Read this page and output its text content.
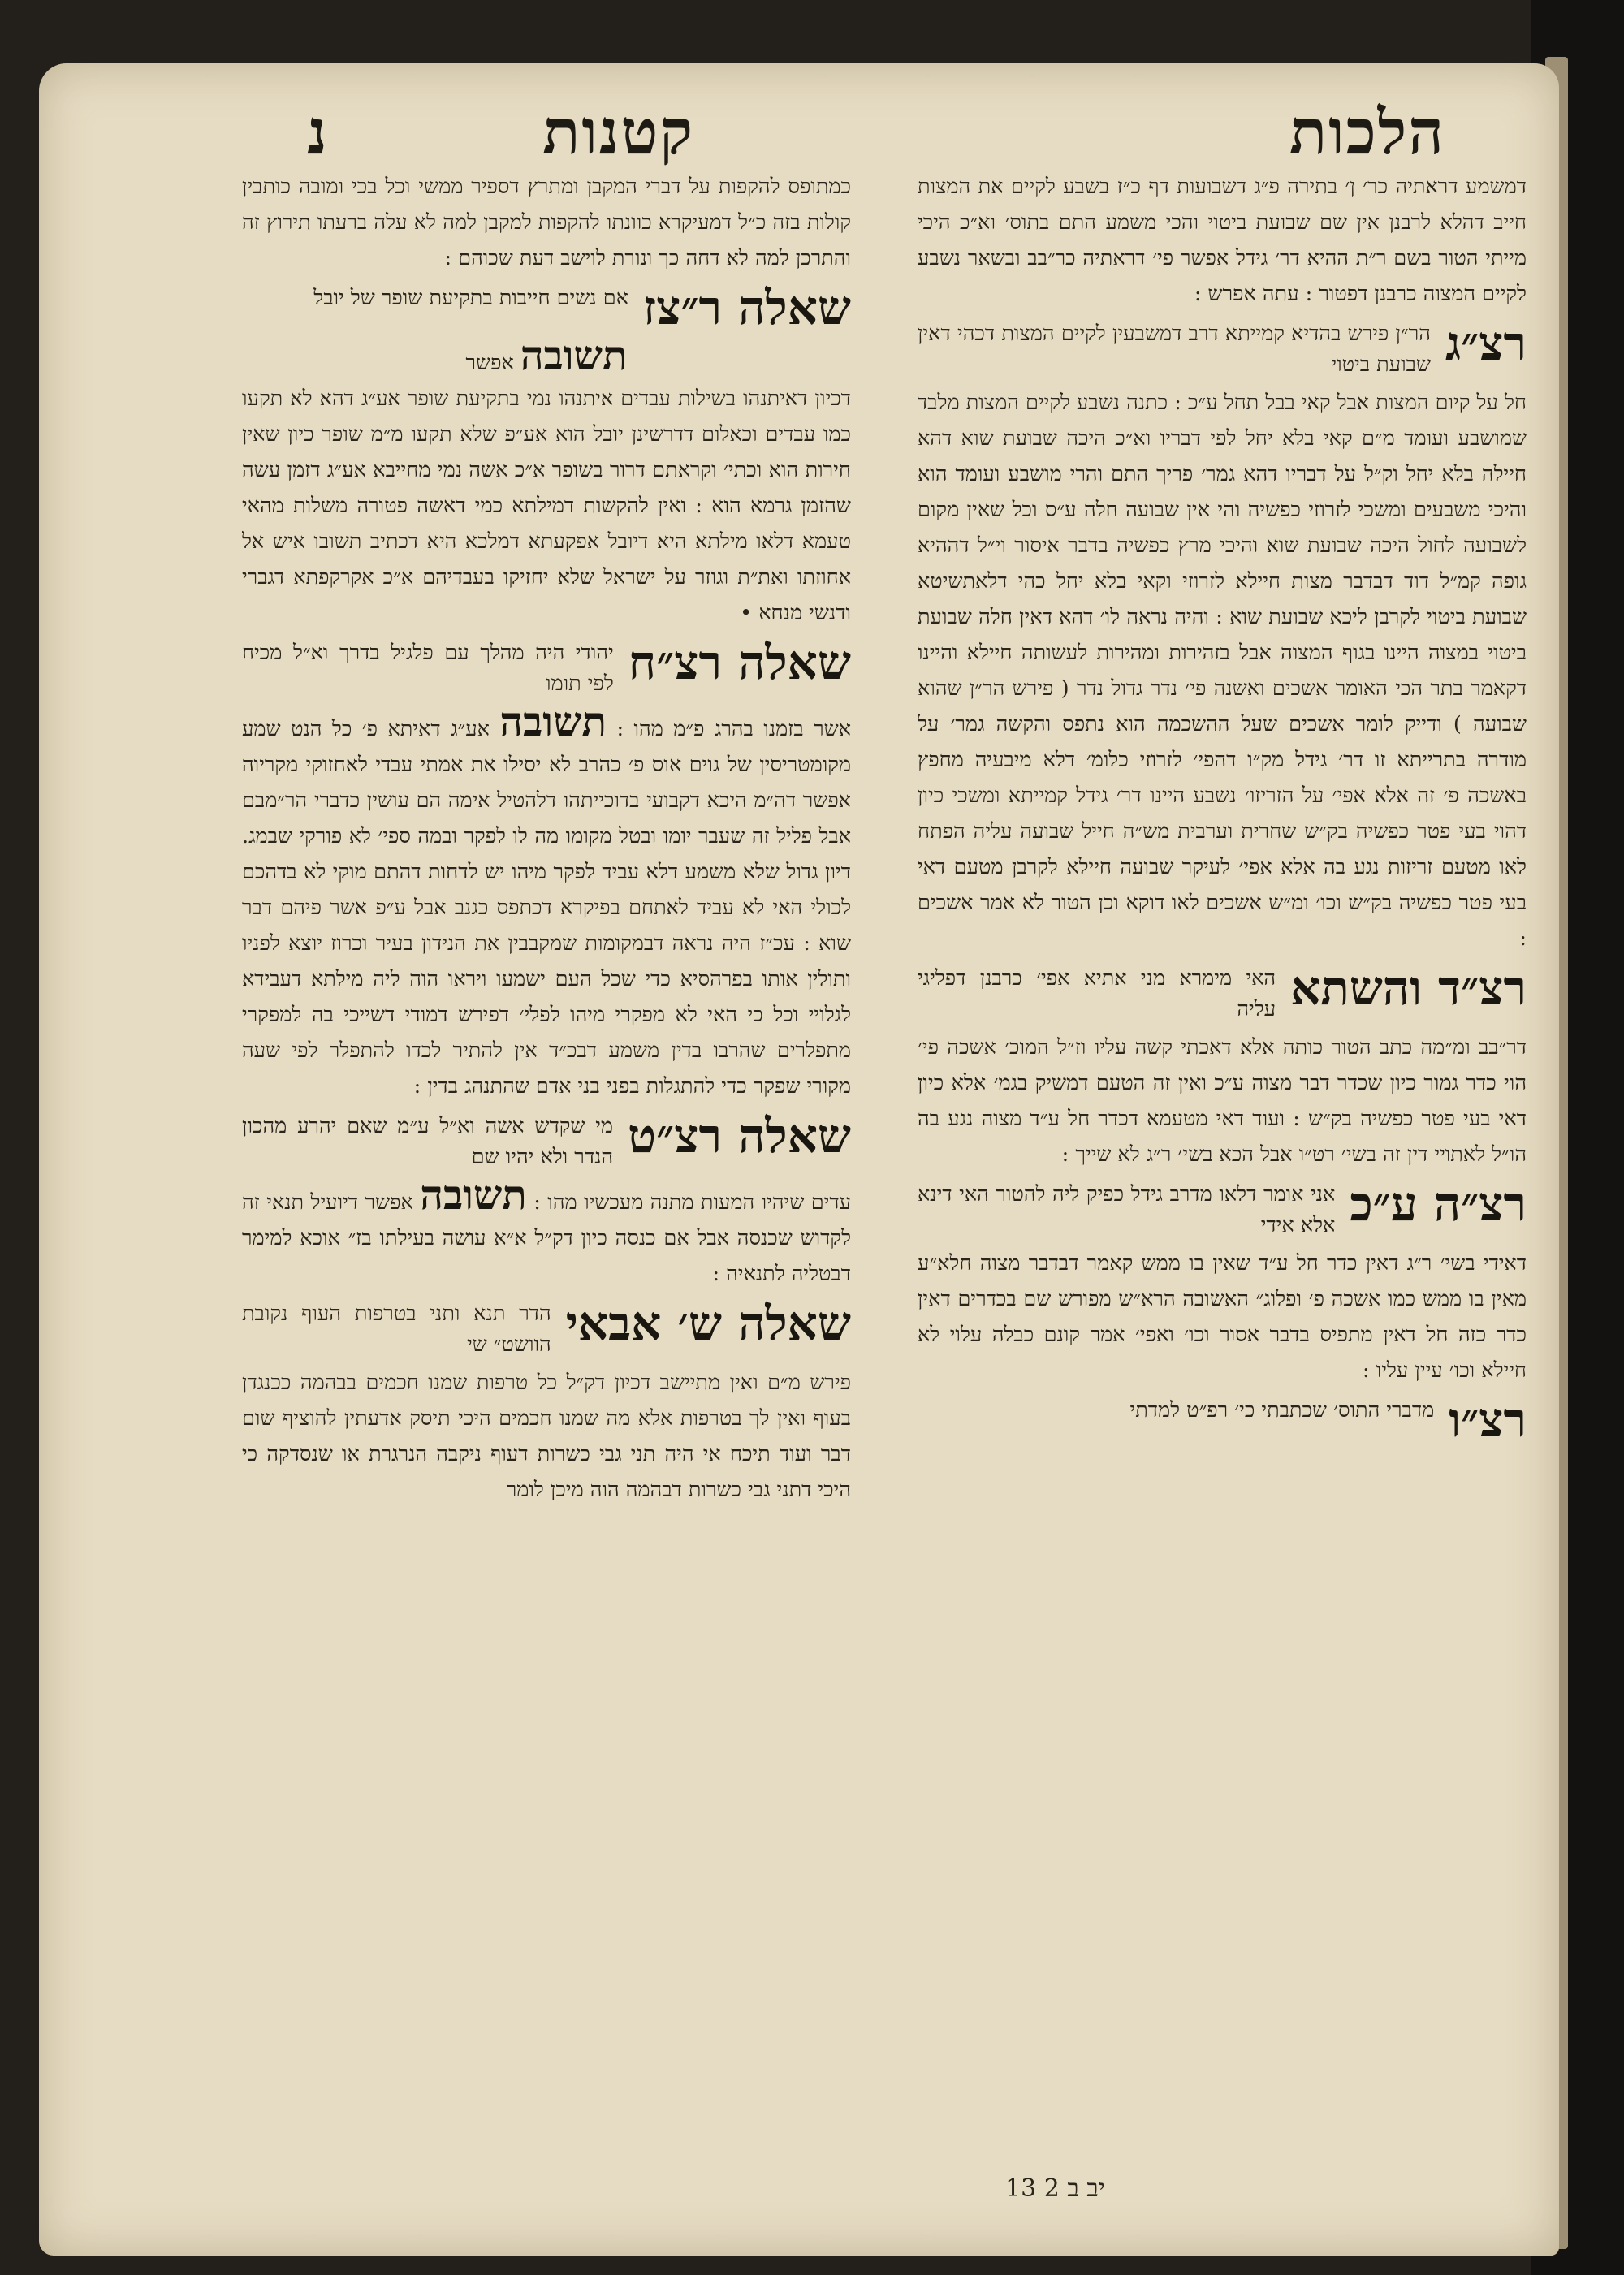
הלכות
קטנות
נ

דמשמע דראתיה כר׳ ן׳ בתירה פ״ג דשבועות דף כ״ז בשבע לקיים את המצות חייב דהלא לרבנן אין שם שבועת ביטוי והכי משמע התם בתוס׳ וא״כ היכי מייתי הטור בשם ר״ת ההיא דר׳ גידל אפשר פי׳ דראתיה כר״בב ובשאר נשבע לקיים המצוה כרבנן דפטור : עתה אפרש :

רצ״ג
הר״ן פירש בהדיא קמייתא דרב דמשבעין לקיים המצות דכהי דאין שבועת ביטוי

חל על קיום המצות אבל קאי בבל תחל ע״כ : כתנה נשבע לקיים המצות מלבד שמושבע ועומד מ״ם קאי בלא יחל לפי דבריו וא״כ היכה שבועת שוא דהא חיילה בלא יחל וק״ל על דבריו דהא גמר׳ פריך התם והרי מושבע ועומד הוא והיכי משבעים ומשכי לזרוזי כפשיה והי אין שבועה חלה ע״ס וכל שאין מקום לשבועה לחול היכה שבועת שוא והיכי מרץ כפשיה בדבר איסור וי״ל דההיא גופה קמ״ל דוד דבדבר מצות חיילא לזרוזי וקאי בלא יחל כהי דלאתשיטא שבועת ביטוי לקרבן ליכא שבועת שוא : והיה נראה לו׳ דהא דאין חלה שבועת ביטוי במצוה היינו בגוף המצוה אבל בזהירות ומהירות לעשותה חיילא והיינו דקאמר בתר הכי האומר אשכים ואשנה פי׳ נדר גדול נדר ( פירש הר״ן שהוא שבועה ) ודייק לומר אשכים שעל ההשכמה הוא נתפס והקשה גמר׳ על מודרה בתרייתא זו דר׳ גידל מק״ו דהפי׳ לזרוזי כלומ׳ דלא מיבעיה מחפץ באשכה פ׳ זה אלא אפי׳ על הזריזו׳ נשבע היינו דר׳ גידל קמייתא ומשכי כיון דהוי בעי פטר כפשיה בק״ש שחרית וערבית מש״ה חייל שבועה עליה הפתח לאו מטעם זריזות נגע בה אלא אפי׳ לעיקר שבועה חיילא לקרבן מטעם דאי בעי פטר כפשיה בק״ש וכו׳ ומ״ש אשכים לאו דוקא וכן הטור לא אמר אשכים :

רצ״ד והשתא
האי מימרא מני אתיא אפי׳ כרבנן דפליגי עליה

דר״בב ומ״מה כתב הטור כותה אלא דאכתי קשה עליו וז״ל המוכ׳ אשכה פי׳ הוי כדר גמור כיון שכדר דבר מצוה ע״כ ואין זה הטעם דמשיק בגמ׳ אלא כיון דאי בעי פטר כפשיה בק״ש : ועוד דאי מטעמא דכדר חל ע״ד מצוה נגע בה הו״ל לאתויי דין זה בשי׳ רט״ו אבל הכא בשי׳ ר״ג לא שייך :

רצ״ה ע״כ
אני אומר דלאו מדרב גידל כפיק ליה להטור האי דינא אלא אידי

דאידי בשי׳ ר״ג דאין כדר חל ע״ד שאין בו ממש קאמר דבדבר מצוה חלא״ע מאין בו ממש כמו אשכה פ׳ ופלוג״ האשובה הרא״ש מפורש שם בכדרים דאין כדר כזה חל דאין מתפיס בדבר אסור וכו׳ ואפי׳ אמר קונם כבלה עלוי לא חיילא וכו׳ עיין עליו :

רצ״ו
מדברי התוס׳ שכתבתי כי׳ רפ״ט למדתי
יב ב 2 13

כמתופס להקפות על דברי המקבן ומתרץ דספיר ממשי וכל בכי ומובה כותבין קולות בזה כ״ל דמעיקרא כוונתו להקפות למקבן למה לא עלה ברעתו תירוץ זה והתרכן למה לא דחה כך ונורת לוישב דעת שכוהם :

שאלה ר״צז
אם נשים חייבות בתקיעת שופר של יובל
תשובה אפשר

דכיון דאיתנהו בשילות עבדים איתנהו נמי בתקיעת שופר אע״ג דהא לא תקעו כמו עבדים וכאלום דדרשינן יובל הוא אע״פ שלא תקעו מ״מ שופר כיון שאין חירות הוא וכתי׳ וקראתם דרור בשופר א״כ אשה נמי מחייבא אע״ג דזמן עשה שהזמן גרמא הוא : ואין להקשות דמילתא כמי דאשה פטורה משלות מהאי טעמא דלאו מילתא היא דיובל אפקעתא דמלכא היא דכתיב תשובו איש אל אחוזתו ואת״ת וגוזר על ישראל שלא יחזיקו בעבדיהם א״כ אקרקפתא דגברי ודנשי מנחא •

שאלה רצ״ח
יהודי היה מהלך עם פלגיל בדרך וא״ל מכיח לפי תומו

אשר בזמנו בהרג פ״מ מהו : תשובה אע״ג דאיתא פ׳ כל הנט שמע מקומטריסין של גוים אוס פ׳ כהרב לא יסילו את אמתי עבדי לאחזוקי מקריוה אפשר דה״מ היכא דקבועי בדוכייתהו דלהטיל אימה הם עושין כדברי הר״מבם אבל פליל זה שעבר יומו ובטל מקומו מה לו לפקר ובמה ספי׳ לא פורקי שבמג. דיון גדול שלא משמע דלא עביד לפקר מיהו יש לדחות דהתם מוקי לא בדהכם לכולי האי לא עביד לאתחם בפיקרא דכתפס כגנב אבל ע״פ אשר פיהם דבר שוא : עכ״ז היה נראה דבמקומות שמקבבין את הנידון בעיר וכרוז יוצא לפניו ותולין אותו בפרהסיא כדי שכל העם ישמעו ויראו הוה ליה מילתא דעבידא לגלויי וכל כי האי לא מפקרי מיהו לפלי׳ דפירש דמודי דשייכי בה למפקרי מתפלרים שהרבו בדין משמע דבכ״ד אין להתיר לכדו להתפלר לפי שעה מקורי שפקר כדי להתגלות בפני בני אדם שהתנהג בדין :

שאלה רצ״ט
מי שקדש אשה וא״ל ע״מ שאם יהרע מהכון הנדר ולא יהיו שם

עדים שיהיו המעות מתנה מעכשיו מהו : תשובה אפשר דיועיל תנאי זה לקדוש שכנסה אבל אם כנסה כיון דק״ל א״א עושה בעילתו בז״ אוכא למימר דבטליה לתנאיה :

שאלה ש׳ אבאי
הדר תנא ותני בטרפות העוף נקובת הוושט״ שי

פירש מ״ם ואין מתיישב דכיון דק״ל כל טרפות שמנו חכמים בבהמה ככנגדן בעוף ואין לך בטרפות אלא מה שמנו חכמים היכי תיסק אדעתין להוציף שום דבר ועוד תיכח אי היה תני גבי כשרות דעוף ניקבה הנרגרת או שנסדקה כי היכי דתני גבי כשרות דבהמה הוה מיכן לומר
